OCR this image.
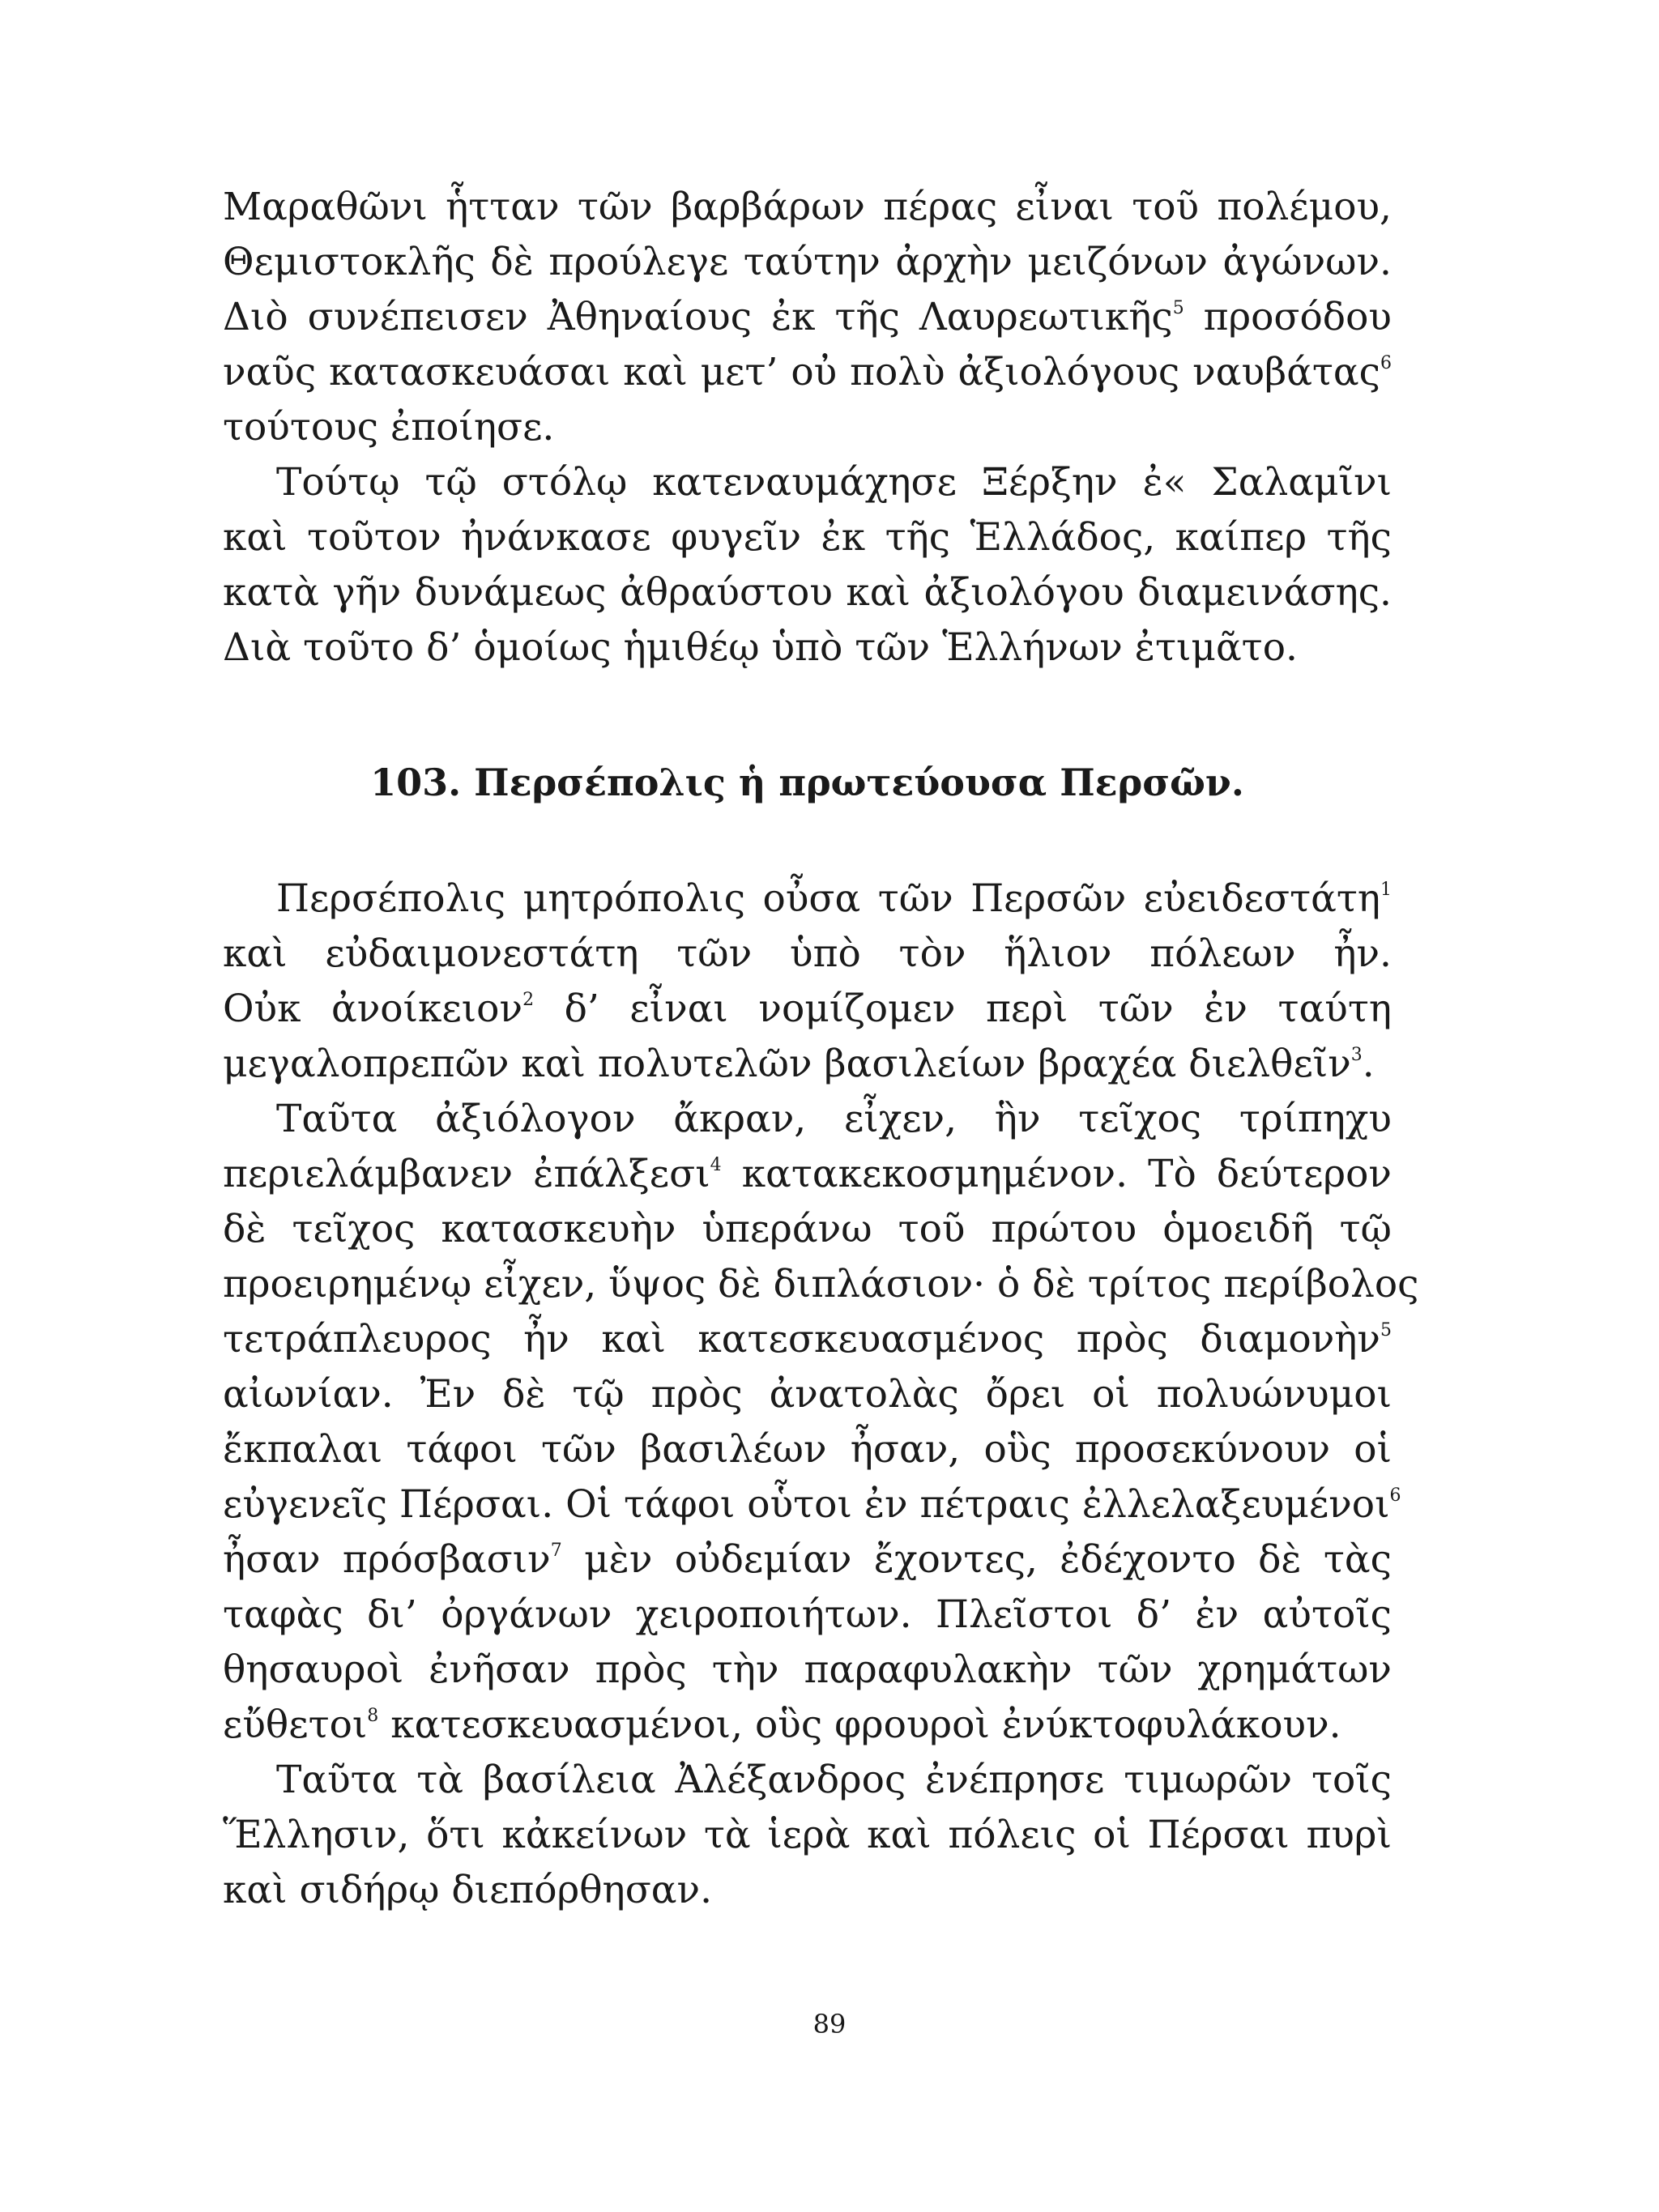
Μαραθῶνι ἧτταν τῶν βαρβάρων πέρας εἶναι τοῦ πολέμου,
Θεμιστοκλῆς δὲ προύλεγε ταύτην ἀρχὴν μειζόνων ἀγώνων.
Διὸ συνέπεισεν Ἀθηναίους ἐκ τῆς Λαυρεωτικῆς$^5$ προσόδου
ναῦς κατασκευάσαι καὶ μετ’ οὐ πολὺ ἀξιολόγους ναυβάτας$^6$
τούτους ἐποίησε.
Τούτῳ τῷ στόλῳ κατεναυμάχησε Ξέρξην ἐ« Σαλαμῖνι
καὶ τοῦτον ἠνάνκασε φυγεῖν ἐκ τῆς Ἑλλάδος, καίπερ τῆς
κατὰ γῆν δυνάμεως ἀθραύστου καὶ ἀξιολόγου διαμεινάσης.
Διὰ τοῦτο δ’ ὁμοίως ἡμιθέῳ ὑπὸ τῶν Ἑλλήνων ἐτιμᾶτο.
103. Περσέπολις ἡ πρωτεύουσα Περσῶν.
Περσέπολις μητρόπολις οὖσα τῶν Περσῶν εὐειδεστάτη$^1$
καὶ εὐδαιμονεστάτη τῶν ὑπὸ τὸν ἥλιον πόλεων ἦν.
Οὐκ ἀνοίκειον$^2$ δ’ εἶναι νομίζομεν περὶ τῶν ἐν ταύτη
μεγαλοπρεπῶν καὶ πολυτελῶν βασιλείων βραχέα διελθεῖν$^3$.
Ταῦτα ἀξιόλογον ἄκραν, εἶχεν, ἣν τεῖχος τρίπηχυ
περιελάμβανεν ἐπάλξεσι$^4$ κατακεκοσμημένον. Τὸ δεύτερον
δὲ τεῖχος κατασκευὴν ὑπεράνω τοῦ πρώτου ὁμοειδῆ τῷ
προειρημένῳ εἶχεν, ὕψος δὲ διπλάσιον· ὁ δὲ τρίτος περίβολος
τετράπλευρος ἦν καὶ κατεσκευασμένος πρὸς διαμονὴν$^5$
αἰωνίαν. Ἐν δὲ τῷ πρὸς ἀνατολὰς ὄρει οἱ πολυώνυμοι
ἔκπαλαι τάφοι τῶν βασιλέων ἦσαν, οὓς προσεκύνουν οἱ
εὐγενεῖς Πέρσαι. Οἱ τάφοι οὗτοι ἐν πέτραις ἐλλελαξευμένοι$^6$
ἦσαν πρόσβασιν$^7$ μὲν οὐδεμίαν ἔχοντες, ἐδέχοντο δὲ τὰς
ταφὰς δι’ ὀργάνων χειροποιήτων. Πλεῖστοι δ’ ἐν αὐτοῖς
θησαυροὶ ἐνῆσαν πρὸς τὴν παραφυλακὴν τῶν χρημάτων
εὔθετοι$^8$ κατεσκευασμένοι, οὓς φρουροὶ ἐνύκτοφυλάκουν.
Ταῦτα τὰ βασίλεια Ἀλέξανδρος ἐνέπρησε τιμωρῶν τοῖς
Ἕλλησιν, ὅτι κἀκείνων τὰ ἱερὰ καὶ πόλεις οἱ Πέρσαι πυρὶ
καὶ σιδήρῳ διεπόρθησαν.
89
